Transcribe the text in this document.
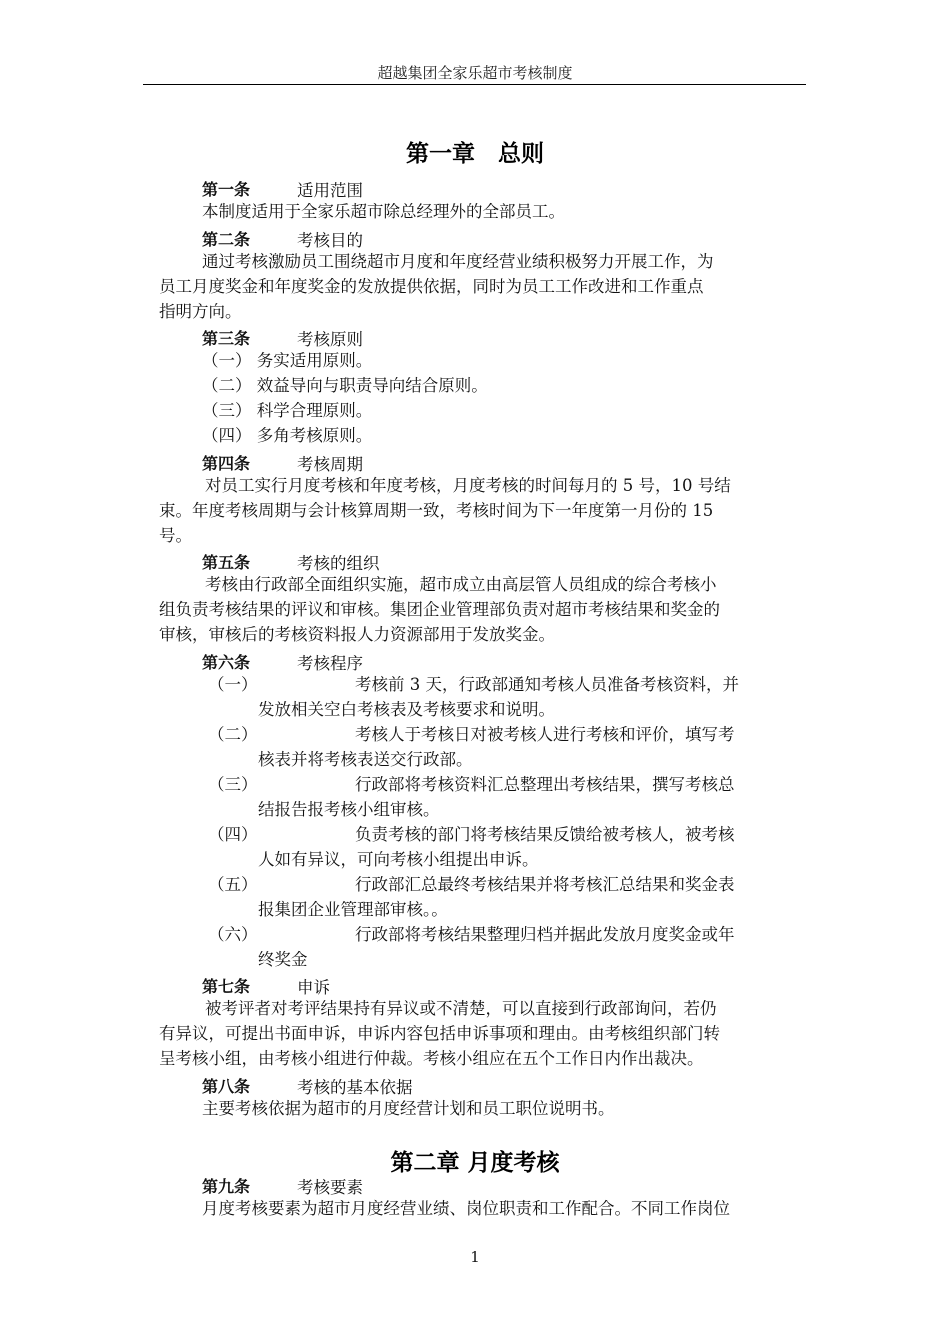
超越集团全家乐超市考核制度
第一章　总则
第一条	适用范围
本制度适用于全家乐超市除总经理外的全部员工。
第二条	考核目的
通过考核激励员工围绕超市月度和年度经营业绩积极努力开展工作，为
员工月度奖金和年度奖金的发放提供依据，同时为员工工作改进和工作重点
指明方向。
第三条	考核原则
（一） 务实适用原则。
（二） 效益导向与职责导向结合原则。
（三） 科学合理原则。
（四） 多角考核原则。
第四条	考核周期
对员工实行月度考核和年度考核，月度考核的时间每月的 5 号，10 号结
束。年度考核周期与会计核算周期一致，考核时间为下一年度第一月份的 15
号。
第五条	考核的组织
考核由行政部全面组织实施，超市成立由高层管人员组成的综合考核小
组负责考核结果的评议和审核。集团企业管理部负责对超市考核结果和奖金的
审核，审核后的考核资料报人力资源部用于发放奖金。
第六条	考核程序
（一）	考核前 3 天，行政部通知考核人员准备考核资料，并
发放相关空白考核表及考核要求和说明。
（二）	考核人于考核日对被考核人进行考核和评价，填写考
核表并将考核表送交行政部。
（三）	行政部将考核资料汇总整理出考核结果，撰写考核总
结报告报考核小组审核。
（四）	负责考核的部门将考核结果反馈给被考核人，被考核
人如有异议，可向考核小组提出申诉。
（五）	行政部汇总最终考核结果并将考核汇总结果和奖金表
报集团企业管理部审核。。
（六）	行政部将考核结果整理归档并据此发放月度奖金或年
终奖金
第七条	申诉
被考评者对考评结果持有异议或不清楚，可以直接到行政部询问，若仍
有异议，可提出书面申诉，申诉内容包括申诉事项和理由。由考核组织部门转
呈考核小组，由考核小组进行仲裁。考核小组应在五个工作日内作出裁决。
第八条	考核的基本依据
主要考核依据为超市的月度经营计划和员工职位说明书。
第二章 月度考核
第九条	考核要素
月度考核要素为超市月度经营业绩、岗位职责和工作配合。不同工作岗位
1
